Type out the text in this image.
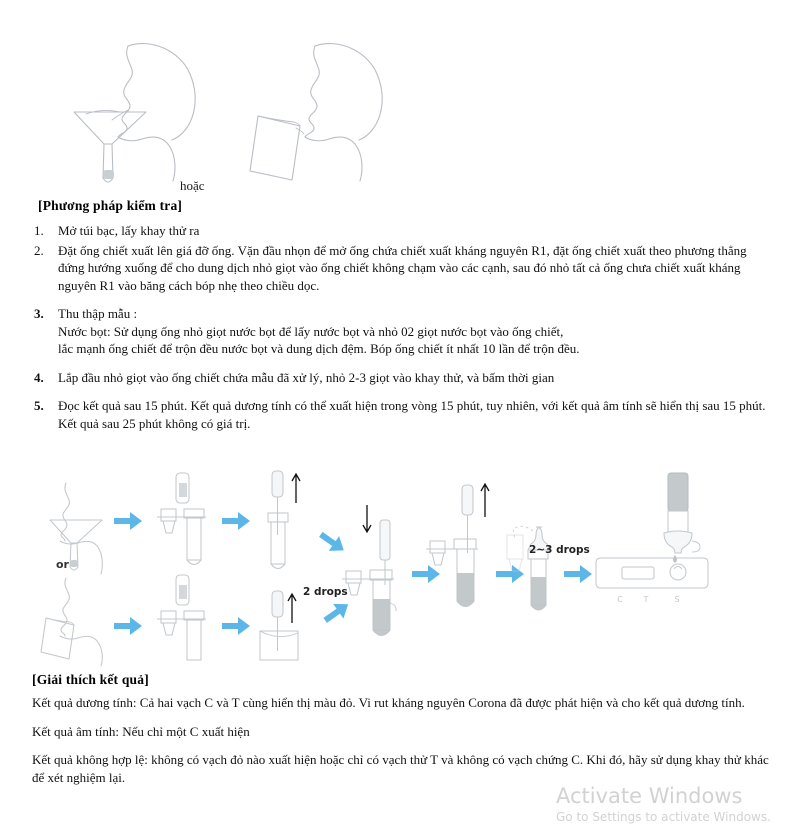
hoặc
[Phương pháp kiểm tra]
1.	Mở túi bạc, lấy khay thử ra

2.	Đặt ống chiết xuất lên giá đỡ ống. Vặn đầu nhọn để mở ống chứa chiết xuất kháng nguyên R1, đặt ống chiết xuất theo phương thẳng đứng hướng xuống để cho dung dịch nhỏ giọt vào ống chiết không chạm vào các cạnh, sau đó nhỏ tất cả ống chưa chiết xuất kháng nguyên R1 vào băng cách bóp nhẹ theo chiều dọc.

3.	Thu thập mẫu :

Nước bọt: Sử dụng ống nhỏ giọt nước bọt để lấy nước bọt và nhỏ 02 giọt nước bọt vào ống chiết,

lắc mạnh ống chiết để trộn đều nước bọt và dung dịch đệm. Bóp ống chiết ít nhất 10 lần để trộn đều.

4.	Lắp đầu nhỏ giọt vào ống chiết chứa mẫu đã xử lý, nhỏ 2-3 giọt vào khay thử, và bấm thời gian

5.	Đọc kết quả sau 15 phút. Kết quả dương tính có thể xuất hiện trong vòng 15 phút, tuy nhiên, với kết quả âm tính sẽ hiển thị sau 15 phút. Kết quả sau 25 phút không có giá trị.

C	T	S
or
2 drops
2~3 drops
[Giải thích kết quả]
Kết quả dương tính: Cả hai vạch C và T cùng hiển thị màu đỏ. Vi rut kháng nguyên Corona đã được phát hiện và cho kết quả dương tính.
Kết quả âm tính: Nếu chỉ một C xuất hiện
Kết quả không hợp lệ: không có vạch đỏ nào xuất hiện hoặc chỉ có vạch thử T và không có vạch chứng C. Khi đó, hãy sử dụng khay thử khác để xét nghiệm lại.
Activate Windows
Go to Settings to activate Windows.
